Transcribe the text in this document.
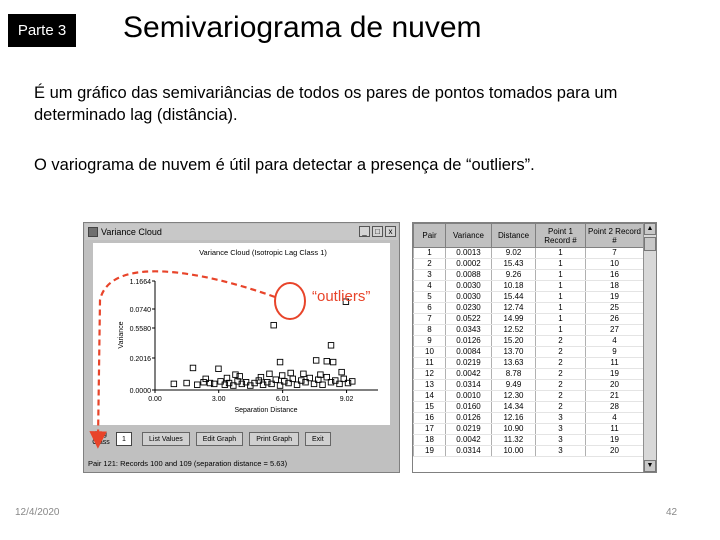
Parte 3	Semivariograma de nuvem
É um gráfico das semivariâncias de todos os pares de pontos tomados para um determinado lag (distância).
O variograma de nuvem é útil para detectar a presença de “outliers”.
Variance Cloud	_	□	x
Variance Cloud (Isotropic Lag Class 1)
0.00	3.00	6.01	9.02
0.0000
0.2016
0.5580
0.0740
1.1664
Separation Distance
Variance
Lag Class	1	List Values	Edit Graph	Print Graph	Exit
Pair 121: Records 100 and 109 (separation distance = 5.63)
Pair	Variance	Distance	Point 1 Record #	Point 2 Record #
1	0.0013	9.02	1	7
2	0.0002	15.43	1	10
3	0.0088	9.26	1	16
4	0.0030	10.18	1	18
5	0.0030	15.44	1	19
6	0.0230	12.74	1	25
7	0.0522	14.99	1	26
8	0.0343	12.52	1	27
9	0.0126	15.20	2	4
10	0.0084	13.70	2	9
11	0.0219	13.63	2	11
12	0.0042	8.78	2	19
13	0.0314	9.49	2	20
14	0.0010	12.30	2	21
15	0.0160	14.34	2	28
16	0.0126	12.16	3	4
17	0.0219	10.90	3	11
18	0.0042	11.32	3	19
19	0.0314	10.00	3	20
▲
▼
“outliers”
12/4/2020	42
